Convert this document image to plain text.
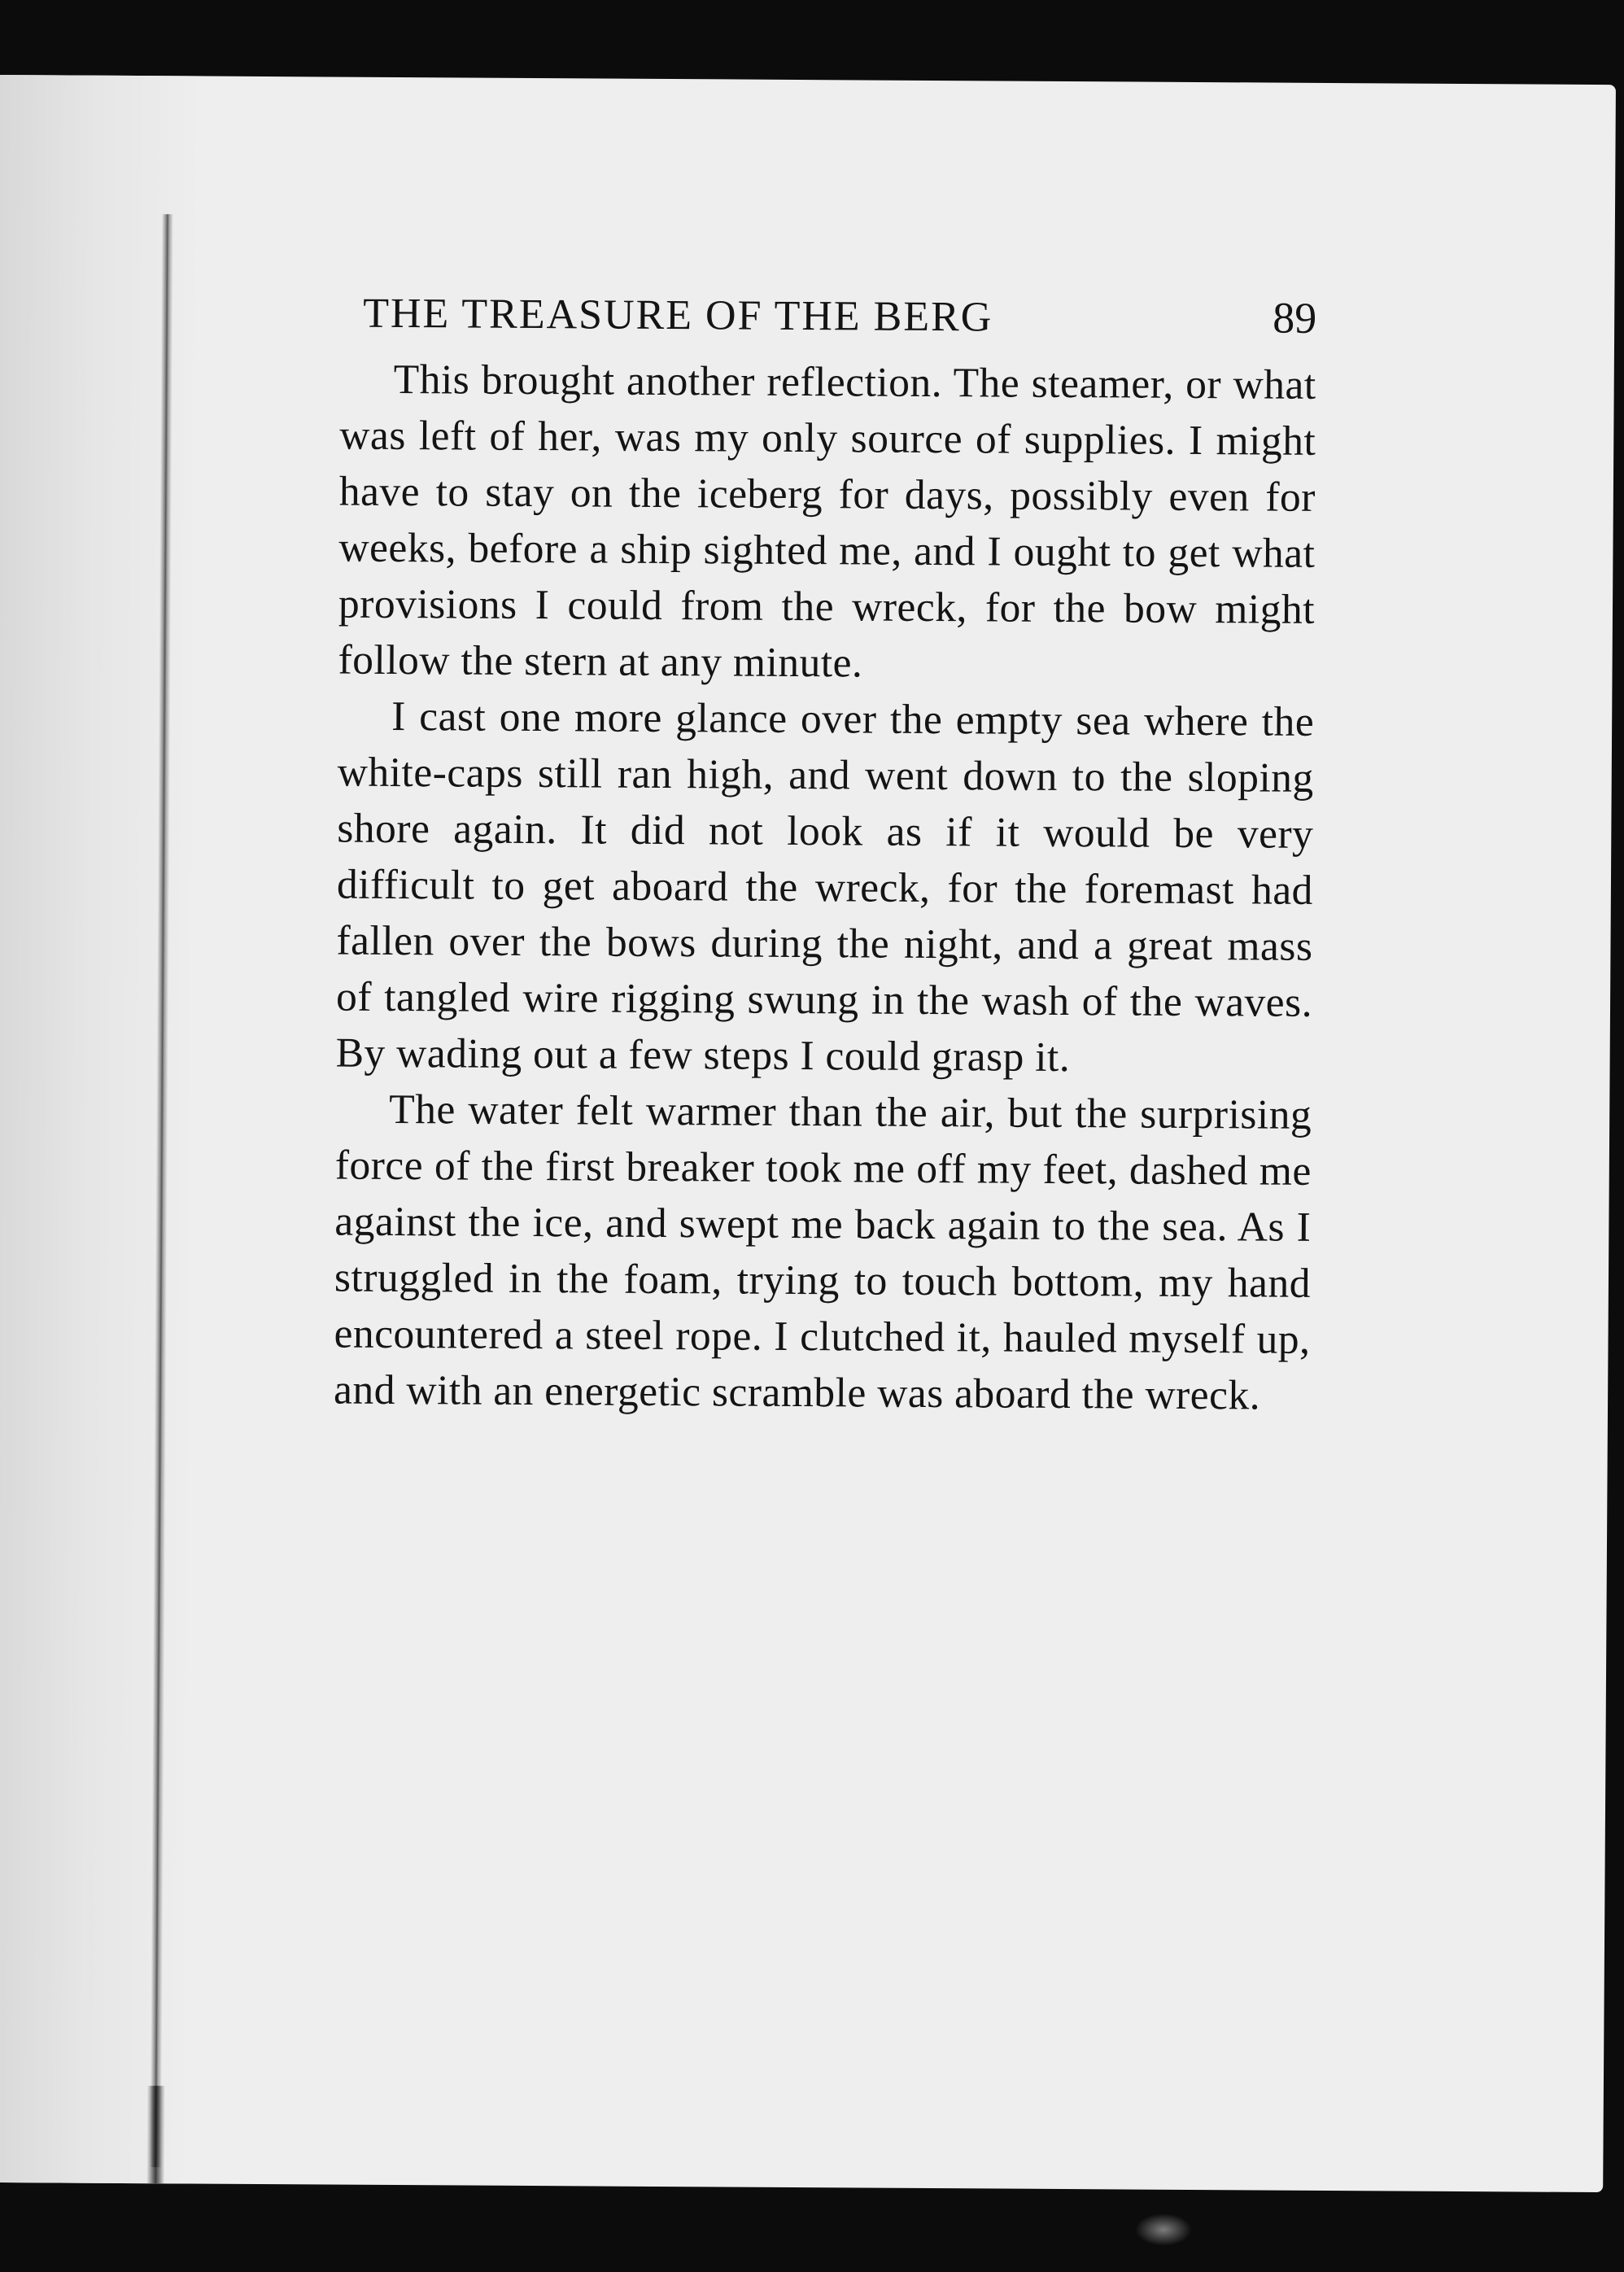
THE TREASURE OF THE BERG	89

This brought another reflection. The steamer, or what was left of her, was my only source of supplies. I might have to stay on the iceberg for days, possibly even for weeks, before a ship sighted me, and I ought to get what provisions I could from the wreck, for the bow might follow the stern at any minute.

I cast one more glance over the empty sea where the white-caps still ran high, and went down to the sloping shore again. It did not look as if it would be very difficult to get aboard the wreck, for the foremast had fallen over the bows during the night, and a great mass of tangled wire rigging swung in the wash of the waves. By wading out a few steps I could grasp it.

The water felt warmer than the air, but the surprising force of the first breaker took me off my feet, dashed me against the ice, and swept me back again to the sea. As I struggled in the foam, trying to touch bottom, my hand encountered a steel rope. I clutched it, hauled myself up, and with an energetic scramble was aboard the wreck.
